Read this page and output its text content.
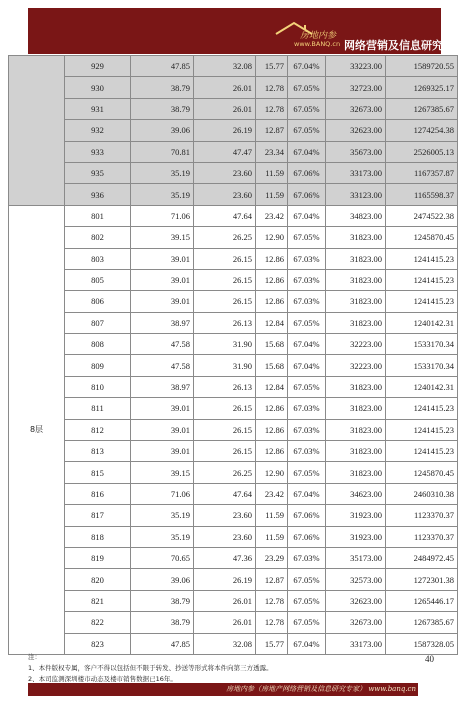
房地内参
www.BANQ.cn 网络营销及信息研究专家
	929	47.85	32.08	15.77	67.04%	33223.00	1589720.55
	930	38.79	26.01	12.78	67.05%	32723.00	1269325.17
	931	38.79	26.01	12.78	67.05%	32673.00	1267385.67
	932	39.06	26.19	12.87	67.05%	32623.00	1274254.38
	933	70.81	47.47	23.34	67.04%	35673.00	2526005.13
	935	35.19	23.60	11.59	67.06%	33173.00	1167357.87
	936	35.19	23.60	11.59	67.06%	33123.00	1165598.37
8层	801	71.06	47.64	23.42	67.04%	34823.00	2474522.38
	802	39.15	26.25	12.90	67.05%	31823.00	1245870.45
	803	39.01	26.15	12.86	67.03%	31823.00	1241415.23
	805	39.01	26.15	12.86	67.03%	31823.00	1241415.23
	806	39.01	26.15	12.86	67.03%	31823.00	1241415.23
	807	38.97	26.13	12.84	67.05%	31823.00	1240142.31
	808	47.58	31.90	15.68	67.04%	32223.00	1533170.34
	809	47.58	31.90	15.68	67.04%	32223.00	1533170.34
	810	38.97	26.13	12.84	67.05%	31823.00	1240142.31
	811	39.01	26.15	12.86	67.03%	31823.00	1241415.23
	812	39.01	26.15	12.86	67.03%	31823.00	1241415.23
	813	39.01	26.15	12.86	67.03%	31823.00	1241415.23
	815	39.15	26.25	12.90	67.05%	31823.00	1245870.45
	816	71.06	47.64	23.42	67.04%	34623.00	2460310.38
	817	35.19	23.60	11.59	67.06%	31923.00	1123370.37
	818	35.19	23.60	11.59	67.06%	31923.00	1123370.37
	819	70.65	47.36	23.29	67.03%	35173.00	2484972.45
	820	39.06	26.19	12.87	67.05%	32573.00	1272301.38
	821	38.79	26.01	12.78	67.05%	32623.00	1265446.17
	822	38.79	26.01	12.78	67.05%	32673.00	1267385.67
	823	47.85	32.08	15.77	67.04%	33173.00	1587328.05
注：
1、本件版权专属，客户不得以包括但不限于转发、抄送等形式将本件向第三方透露。
2、本司监测深圳楼市动态及楼市销售数据已16年。
40
房地内参（房地产网络营销及信息研究专家） www.banq.cn
